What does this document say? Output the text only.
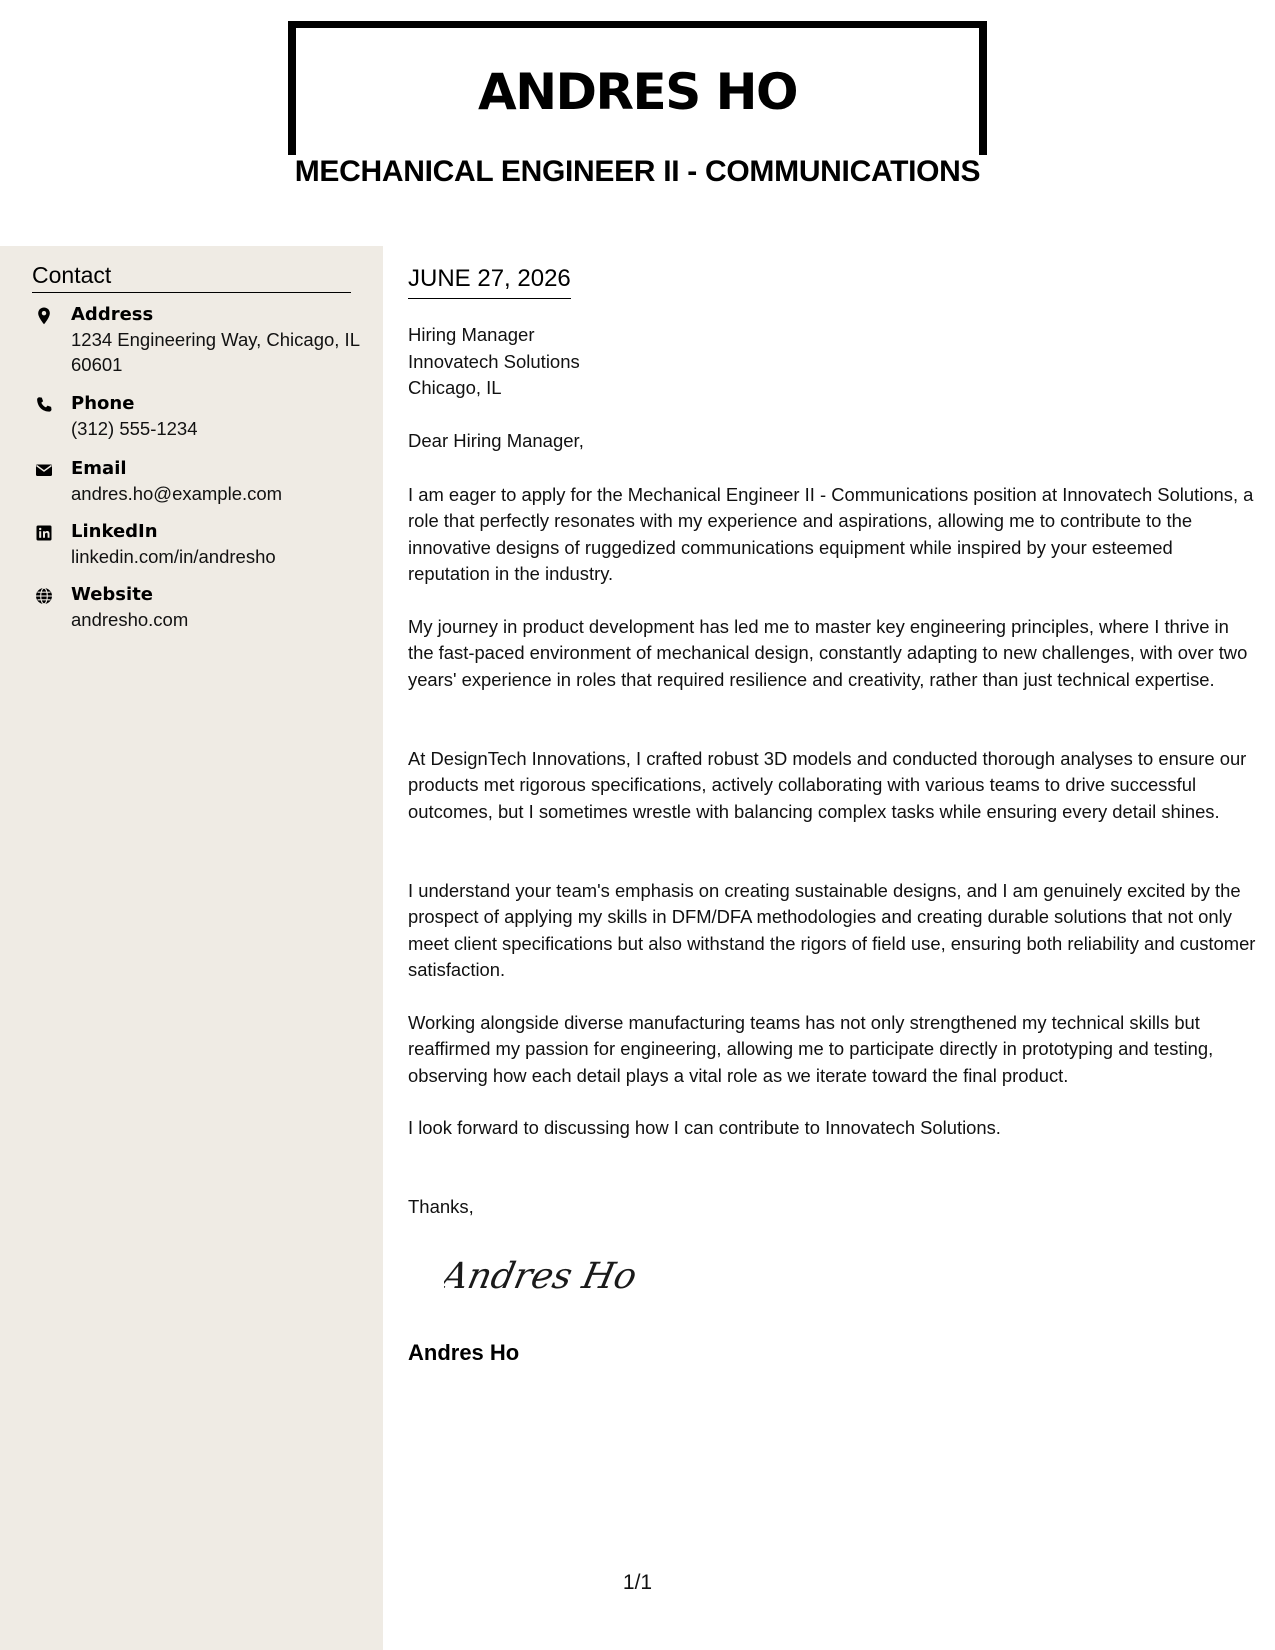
ANDRES HO
MECHANICAL ENGINEER II - COMMUNICATIONS
Contact
Address
1234 Engineering Way, Chicago, IL 60601
Phone
(312) 555-1234
Email
andres.ho@example.com
LinkedIn
linkedin.com/in/andresho
Website
andresho.com
JUNE 27, 2026
Hiring Manager
Innovatech Solutions
Chicago, IL
Dear Hiring Manager,
I am eager to apply for the Mechanical Engineer II - Communications position at Innovatech Solutions, a role that perfectly resonates with my experience and aspirations, allowing me to contribute to the innovative designs of ruggedized communications equipment while inspired by your esteemed reputation in the industry.
My journey in product development has led me to master key engineering principles, where I thrive in the fast-paced environment of mechanical design, constantly adapting to new challenges, with over two years' experience in roles that required resilience and creativity, rather than just technical expertise.
At DesignTech Innovations, I crafted robust 3D models and conducted thorough analyses to ensure our products met rigorous specifications, actively collaborating with various teams to drive successful outcomes, but I sometimes wrestle with balancing complex tasks while ensuring every detail shines.
I understand your team's emphasis on creating sustainable designs, and I am genuinely excited by the prospect of applying my skills in DFM/DFA methodologies and creating durable solutions that not only meet client specifications but also withstand the rigors of field use, ensuring both reliability and customer satisfaction.
Working alongside diverse manufacturing teams has not only strengthened my technical skills but reaffirmed my passion for engineering, allowing me to participate directly in prototyping and testing, observing how each detail plays a vital role as we iterate toward the final product.
I look forward to discussing how I can contribute to Innovatech Solutions.
Thanks,
Andres Ho
Andres Ho
1/1
